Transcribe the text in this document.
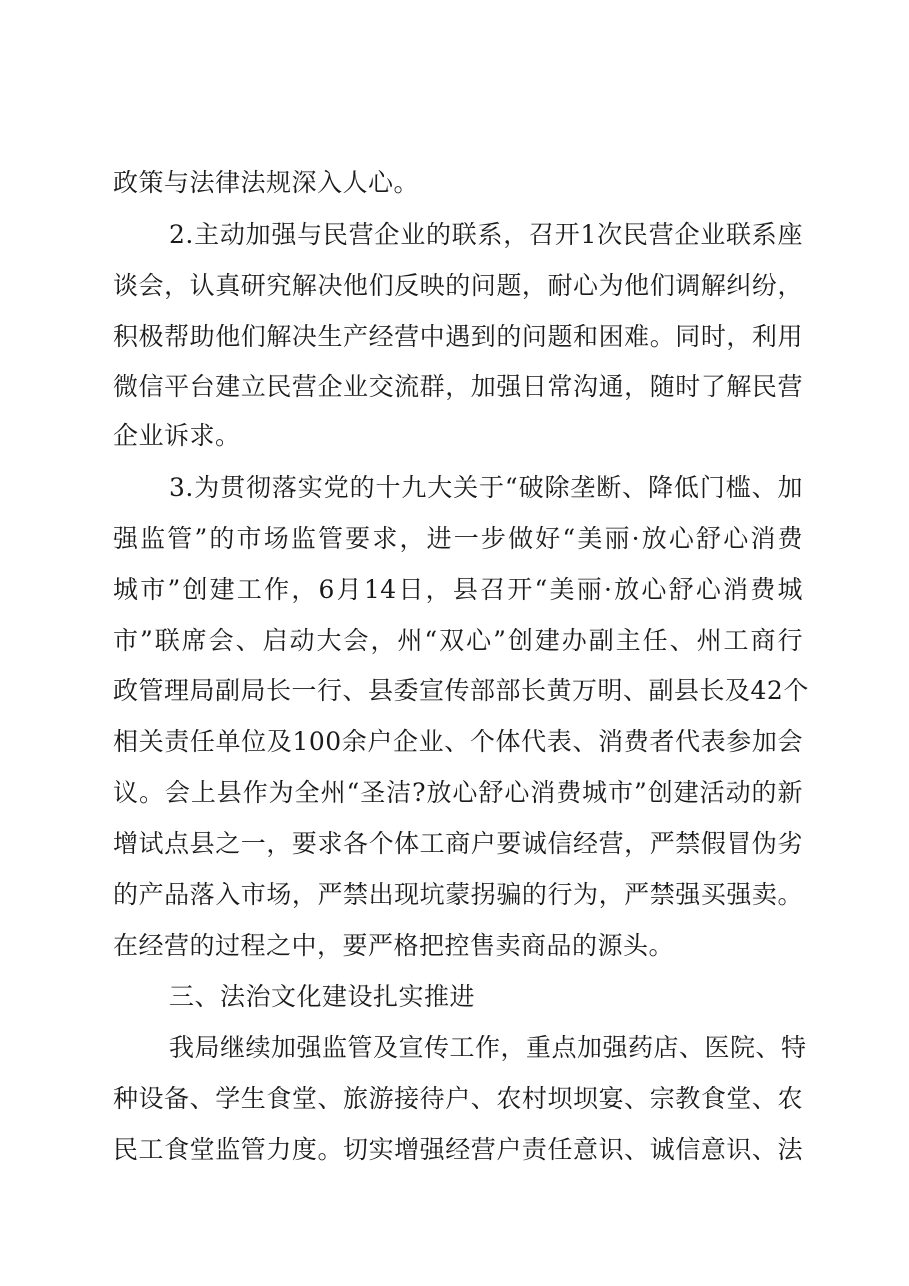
政策与法律法规深入人心。
2.主动加强与民营企业的联系，召开1次民营企业联系座
谈会，认真研究解决他们反映的问题，耐心为他们调解纠纷，
积极帮助他们解决生产经营中遇到的问题和困难。同时，利用
微信平台建立民营企业交流群，加强日常沟通，随时了解民营
企业诉求。
3.为贯彻落实党的十九大关于“破除垄断、降低门槛、加
强监管”的市场监管要求，进一步做好“美丽·放心舒心消费
城市”创建工作，6月14日，县召开“美丽·放心舒心消费城
市”联席会、启动大会，州“双心”创建办副主任、州工商行
政管理局副局长一行、县委宣传部部长黄万明、副县长及42个
相关责任单位及100余户企业、个体代表、消费者代表参加会
议。会上县作为全州“圣洁?放心舒心消费城市”创建活动的新
增试点县之一，要求各个体工商户要诚信经营，严禁假冒伪劣
的产品落入市场，严禁出现坑蒙拐骗的行为，严禁强买强卖。
在经营的过程之中，要严格把控售卖商品的源头。
三、法治文化建设扎实推进
我局继续加强监管及宣传工作，重点加强药店、医院、特
种设备、学生食堂、旅游接待户、农村坝坝宴、宗教食堂、农
民工食堂监管力度。切实增强经营户责任意识、诚信意识、法
